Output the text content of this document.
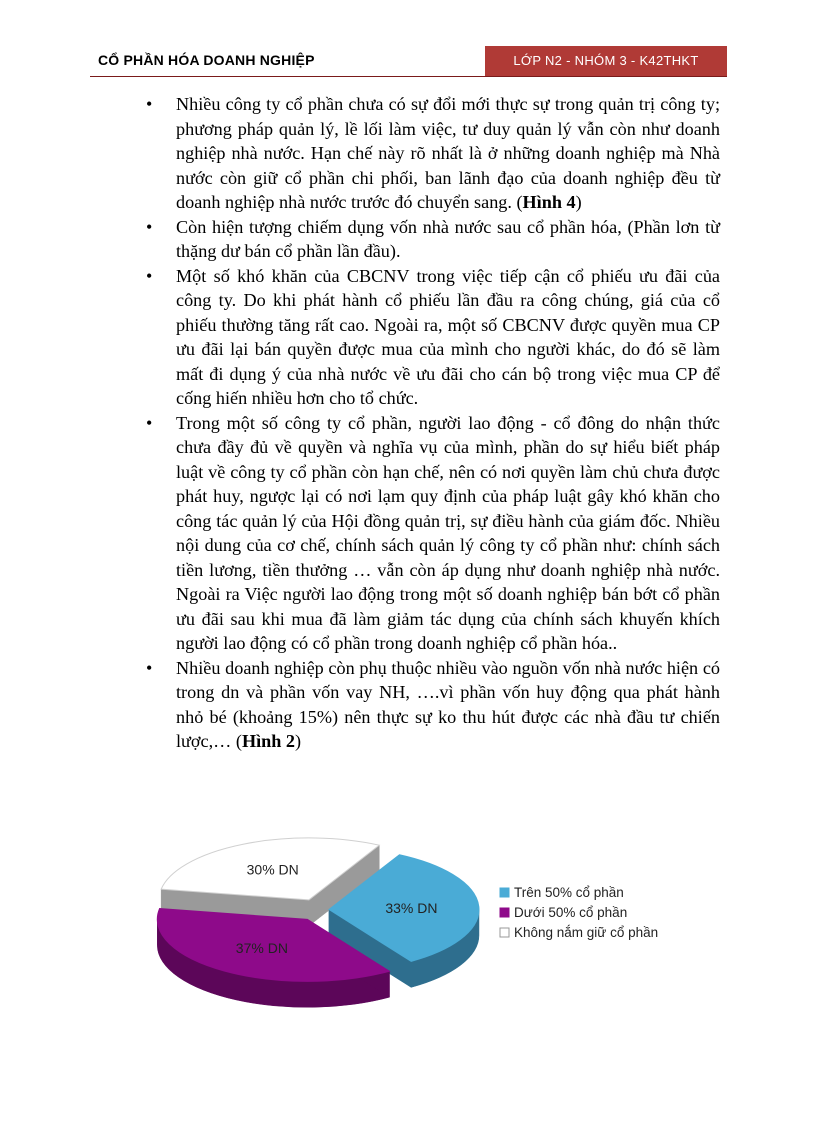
CỔ PHẦN HÓA DOANH NGHIỆP	LỚP N2 - NHÓM 3 - K42THKT
• Nhiều công ty cổ phần chưa có sự đổi mới thực sự trong quản trị công ty; phương pháp quản lý, lề lối làm việc, tư duy quản lý vẫn còn như doanh nghiệp nhà nước. Hạn chế này rõ nhất là ở những doanh nghiệp mà Nhà nước còn giữ cổ phần chi phối, ban lãnh đạo của doanh nghiệp đều từ doanh nghiệp nhà nước trước đó chuyển sang. (Hình 4)
• Còn hiện tượng chiếm dụng vốn nhà nước sau cổ phần hóa, (Phần lơn từ thặng dư bán cổ phần lần đầu).
• Một số khó khăn của CBCNV trong việc tiếp cận cổ phiếu ưu đãi của công ty. Do khi phát hành cổ phiếu lần đầu ra công chúng, giá của cổ phiếu thường tăng rất cao. Ngoài ra, một số CBCNV được quyền mua CP ưu đãi lại bán quyền được mua của mình cho người khác, do đó sẽ làm mất đi dụng ý của nhà nước về ưu đãi cho cán bộ trong việc mua CP để cống hiến nhiều hơn cho tổ chức.
• Trong một số công ty cổ phần, người lao động - cổ đông do nhận thức chưa đầy đủ về quyền và nghĩa vụ của mình, phần do sự hiểu biết pháp luật về công ty cổ phần còn hạn chế, nên có nơi quyền làm chủ chưa được phát huy, ngược lại có nơi lạm quy định của pháp luật gây khó khăn cho công tác quản lý của Hội đồng quản trị, sự điều hành của giám đốc. Nhiều nội dung của cơ chế, chính sách quản lý công ty cổ phần như: chính sách tiền lương, tiền thưởng … vẫn còn áp dụng như doanh nghiệp nhà nước. Ngoài ra Việc người lao động trong một số doanh nghiệp bán bớt cổ phần ưu đãi sau khi mua đã làm giảm tác dụng của chính sách khuyến khích người lao động có cổ phần trong doanh nghiệp cổ phần hóa..
• Nhiều doanh nghiệp còn phụ thuộc nhiều vào nguồn vốn nhà nước hiện có trong dn và phần vốn vay NH, ….vì phần vốn huy động qua phát hành nhỏ bé (khoảng 15%) nên thực sự ko thu hút được các nhà đầu tư chiến lược,… (Hình 2)
33% DN
37% DN
30% DN
Trên 50% cổ phần
Dưới 50% cổ phần
Không nắm giữ cổ phần
